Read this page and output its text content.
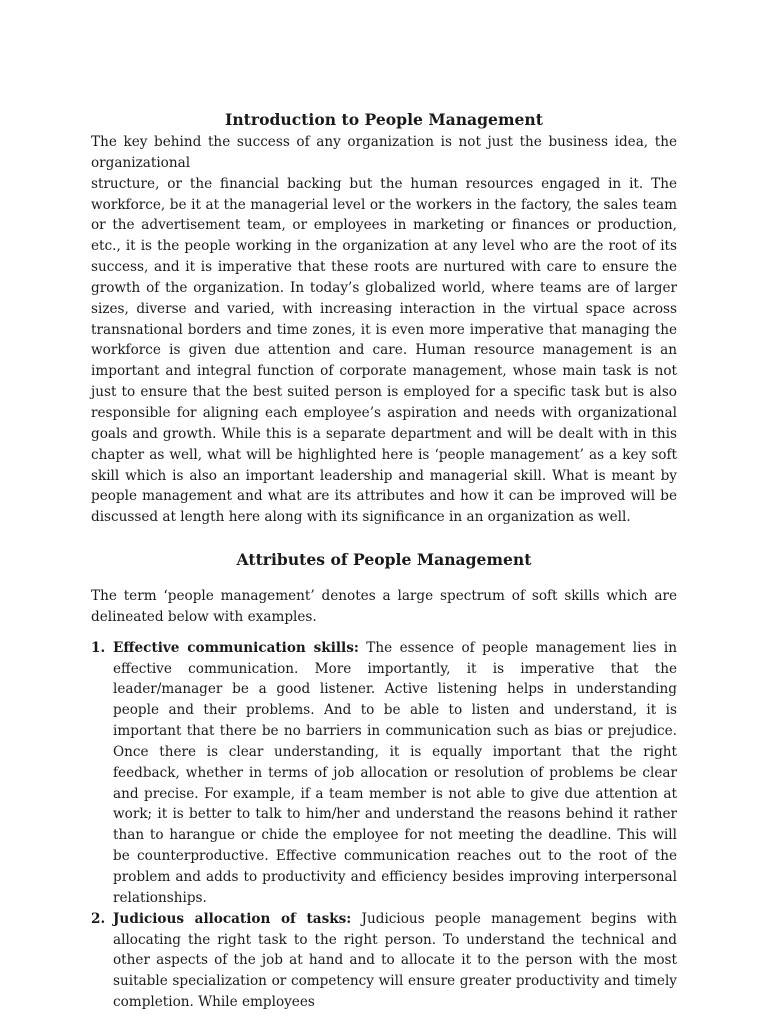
Introduction to People Management

The key behind the success of any organization is not just the business idea, the

organizational

structure, or the financial backing but the human resources engaged in it. The workforce, be it at the managerial level or the workers in the factory, the sales team or the advertisement team, or employees in marketing or finances or production, etc., it is the people working in the organization at any level who are the root of its success, and it is imperative that these roots are nurtured with care to ensure the growth of the organization. In today’s globalized world, where teams are of larger sizes, diverse and varied, with increasing interaction in the virtual space across transnational borders and time zones, it is even more imperative that managing the workforce is given due attention and care. Human resource management is an important and integral function of corporate management, whose main task is not just to ensure that the best suited person is employed for a specific task but is also responsible for aligning each employee’s aspiration and needs with organizational goals and growth. While this is a separate department and will be dealt with in this chapter as well, what will be highlighted here is ‘people management’ as a key soft skill which is also an important leadership and managerial skill. What is meant by people management and what are its attributes and how it can be improved will be discussed at length here along with its significance in an organization as well.

Attributes of People Management

The term ‘people management’ denotes a large spectrum of soft skills which are delineated below with examples.

1. Effective communication skills: The essence of people management lies in effective communication. More importantly, it is imperative that the leader/manager be a good listener. Active listening helps in understanding people and their problems. And to be able to listen and understand, it is important that there be no barriers in communication such as bias or prejudice. Once there is clear understanding, it is equally important that the right feedback, whether in terms of job allocation or resolution of problems be clear and precise. For example, if a team member is not able to give due attention at work; it is better to talk to him/her and understand the reasons behind it rather than to harangue or chide the employee for not meeting the deadline. This will be counterproductive. Effective communication reaches out to the root of the problem and adds to productivity and efficiency besides improving interpersonal relationships.
2. Judicious allocation of tasks: Judicious people management begins with allocating the right task to the right person. To understand the technical and other aspects of the job at hand and to allocate it to the person with the most suitable specialization or competency will ensure greater productivity and timely completion. While employees
